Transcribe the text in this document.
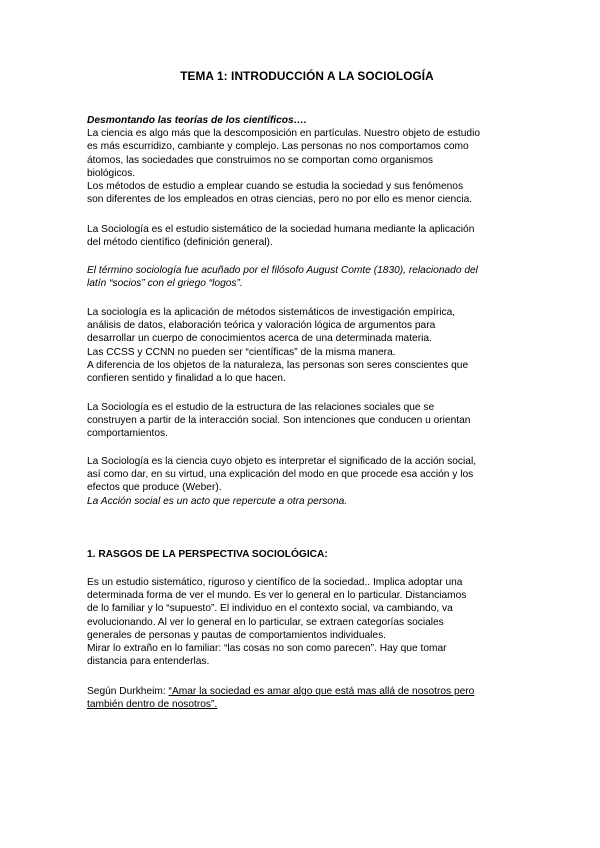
TEMA 1: INTRODUCCIÓN A LA SOCIOLOGÍA
Desmontando las teorías de los científicos….
La ciencia es algo más que la descomposición en partículas. Nuestro objeto de estudio
es más escurridizo, cambiante y complejo. Las personas no nos comportamos como
átomos, las sociedades que construimos no se comportan como organismos
biológicos.
Los métodos de estudio a emplear cuando se estudia la sociedad y sus fenómenos
son diferentes de los empleados en otras ciencias, pero no por ello es menor ciencia.
La Sociología es el estudio sistemático de la sociedad humana mediante la aplicación
del método científico (definición general).
El término sociología fue acuñado por el filósofo August Comte (1830), relacionado del
latín “socios” con el griego “logos”.
La sociología es la aplicación de métodos sistemáticos de investigación empírica,
análisis de datos, elaboración teórica y valoración lógica de argumentos para
desarrollar un cuerpo de conocimientos acerca de una determinada materia.
Las CCSS y CCNN no pueden ser “científicas” de la misma manera.
A diferencia de los objetos de la naturaleza, las personas son seres conscientes que
confieren sentido y finalidad a lo que hacen.
La Sociología es el estudio de la estructura de las relaciones sociales que se
construyen a partir de la interacción social. Son intenciones que conducen u orientan
comportamientos.
La Sociología es la ciencia cuyo objeto es interpretar el significado de la acción social,
así como dar, en su virtud, una explicación del modo en que procede esa acción y los
efectos que produce (Weber).
La Acción social es un acto que repercute a otra persona.
1. RASGOS DE LA PERSPECTIVA SOCIOLÓGICA:
Es un estudio sistemático, riguroso y científico de la sociedad.. Implica adoptar una
determinada forma de ver el mundo. Es ver lo general en lo particular. Distanciamos
de lo familiar y lo “supuesto”. El individuo en el contexto social, va cambiando, va
evolucionando. Al ver lo general en lo particular, se extraen categorías sociales
generales de personas y pautas de comportamientos individuales.
Mirar lo extraño en lo familiar: “las cosas no son como parecen”. Hay que tomar
distancia para entenderlas.
Según Durkheim: “Amar la sociedad es amar algo que está mas allá de nosotros pero
también dentro de nosotros”.
